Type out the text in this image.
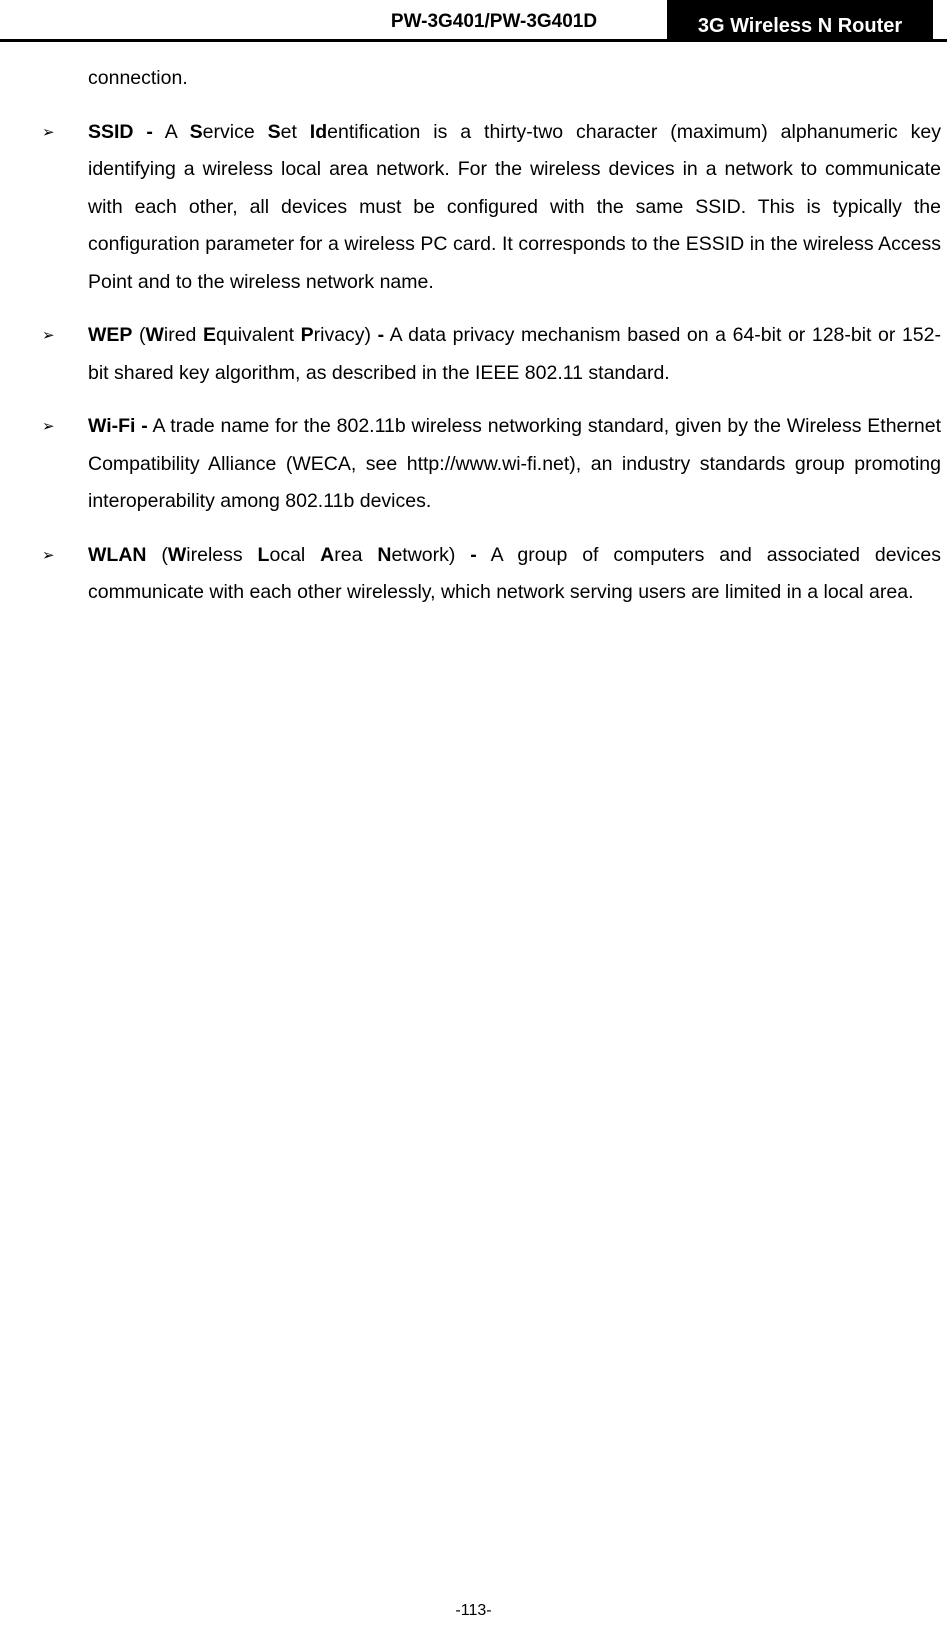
PW-3G401/PW-3G401D	3G Wireless N Router

connection.

➢ SSID - A Service Set Identification is a thirty-two character (maximum) alphanumeric key identifying a wireless local area network. For the wireless devices in a network to communicate with each other, all devices must be configured with the same SSID. This is typically the configuration parameter for a wireless PC card. It corresponds to the ESSID in the wireless Access Point and to the wireless network name.

➢ WEP (Wired Equivalent Privacy) - A data privacy mechanism based on a 64-bit or 128-bit or 152-bit shared key algorithm, as described in the IEEE 802.11 standard.

➢ Wi-Fi - A trade name for the 802.11b wireless networking standard, given by the Wireless Ethernet Compatibility Alliance (WECA, see http://www.wi-fi.net), an industry standards group promoting interoperability among 802.11b devices.

➢ WLAN (Wireless Local Area Network) - A group of computers and associated devices communicate with each other wirelessly, which network serving users are limited in a local area.

-113-
